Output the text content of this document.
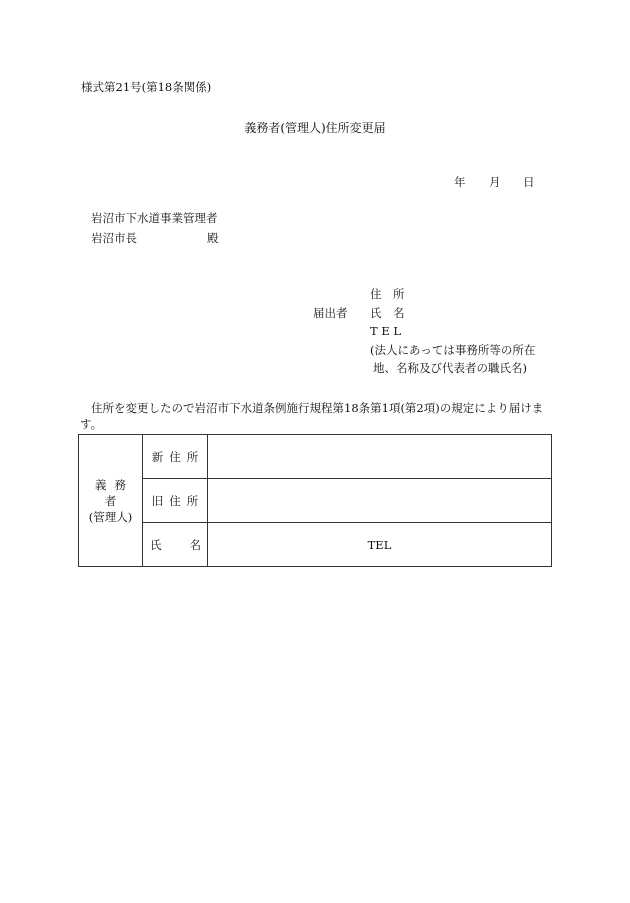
様式第21号(第18条関係)
義務者(管理人)住所変更届
年 月 日
岩沼市下水道事業管理者
岩沼市長	殿
届出者
住　所
氏　名
T E L
(法人にあっては事務所等の所在
地、名称及び代表者の職氏名)
住所を変更したので岩沼市下水道条例施行規程第18条第1項(第2項)の規定により届けま
す。
義務者
(管理人)	新住所	
	旧住所	

	氏 名	TEL
